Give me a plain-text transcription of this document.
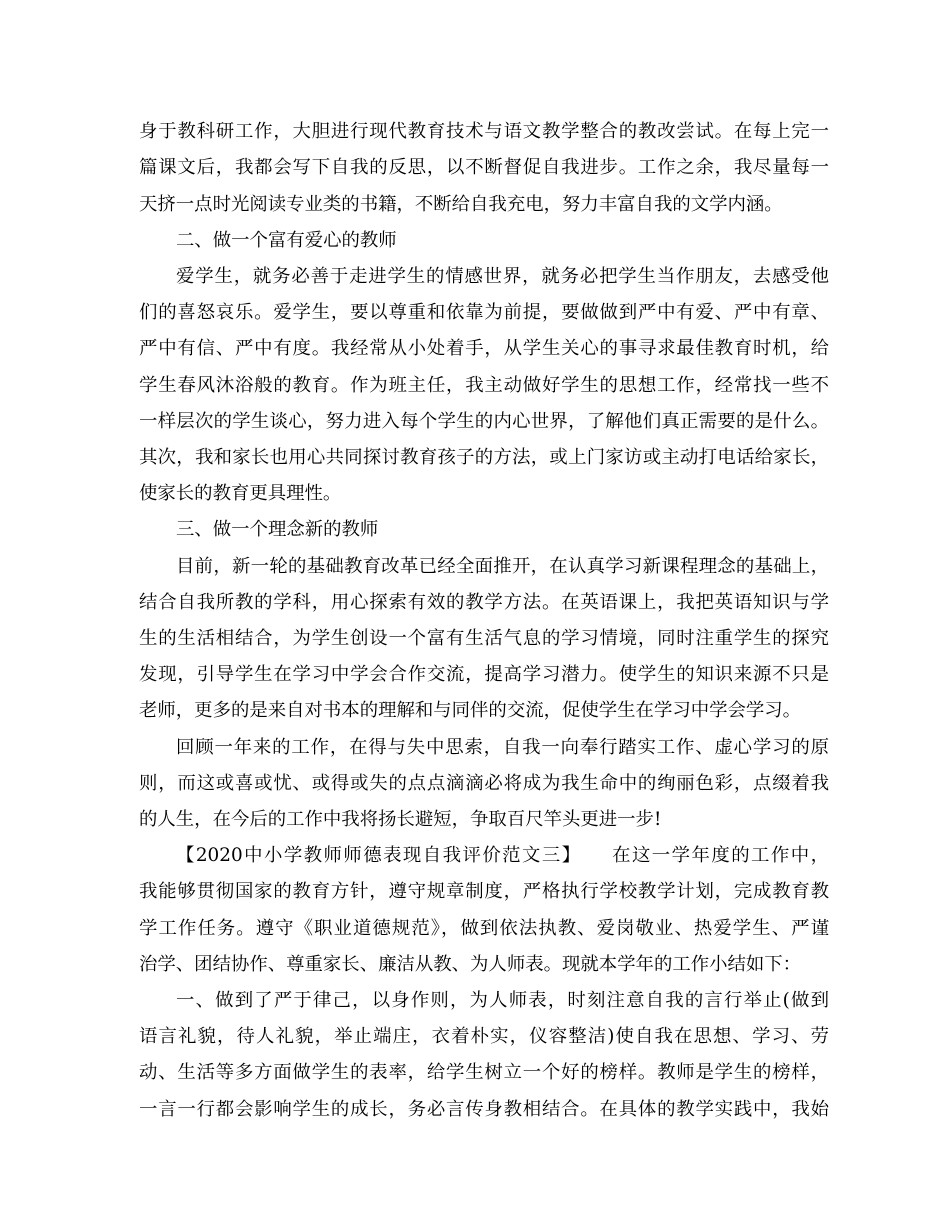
身于教科研工作，大胆进行现代教育技术与语文教学整合的教改尝试。在每上完一
篇课文后，我都会写下自我的反思，以不断督促自我进步。工作之余，我尽量每一
天挤一点时光阅读专业类的书籍，不断给自我充电，努力丰富自我的文学内涵。
二、做一个富有爱心的教师
爱学生，就务必善于走进学生的情感世界，就务必把学生当作朋友，去感受他
们的喜怒哀乐。爱学生，要以尊重和依靠为前提，要做做到严中有爱、严中有章、
严中有信、严中有度。我经常从小处着手，从学生关心的事寻求最佳教育时机，给
学生春风沐浴般的教育。作为班主任，我主动做好学生的思想工作，经常找一些不
一样层次的学生谈心，努力进入每个学生的内心世界，了解他们真正需要的是什么。
其次，我和家长也用心共同探讨教育孩子的方法，或上门家访或主动打电话给家长，
使家长的教育更具理性。
三、做一个理念新的教师
目前，新一轮的基础教育改革已经全面推开，在认真学习新课程理念的基础上，
结合自我所教的学科，用心探索有效的教学方法。在英语课上，我把英语知识与学
生的生活相结合，为学生创设一个富有生活气息的学习情境，同时注重学生的探究
发现，引导学生在学习中学会合作交流，提高学习潜力。使学生的知识来源不只是
老师，更多的是来自对书本的理解和与同伴的交流，促使学生在学习中学会学习。
回顾一年来的工作，在得与失中思索，自我一向奉行踏实工作、虚心学习的原
则，而这或喜或忧、或得或失的点点滴滴必将成为我生命中的绚丽色彩，点缀着我
的人生，在今后的工作中我将扬长避短，争取百尺竿头更进一步!
【2020中小学教师师德表现自我评价范文三】　　在这一学年度的工作中，
我能够贯彻国家的教育方针，遵守规章制度，严格执行学校教学计划，完成教育教
学工作任务。遵守《职业道德规范》，做到依法执教、爱岗敬业、热爱学生、严谨
治学、团结协作、尊重家长、廉洁从教、为人师表。现就本学年的工作小结如下：
一、做到了严于律己，以身作则，为人师表，时刻注意自我的言行举止(做到
语言礼貌，待人礼貌，举止端庄，衣着朴实，仪容整洁)使自我在思想、学习、劳
动、生活等多方面做学生的表率，给学生树立一个好的榜样。教师是学生的榜样，
一言一行都会影响学生的成长，务必言传身教相结合。在具体的教学实践中，我始
